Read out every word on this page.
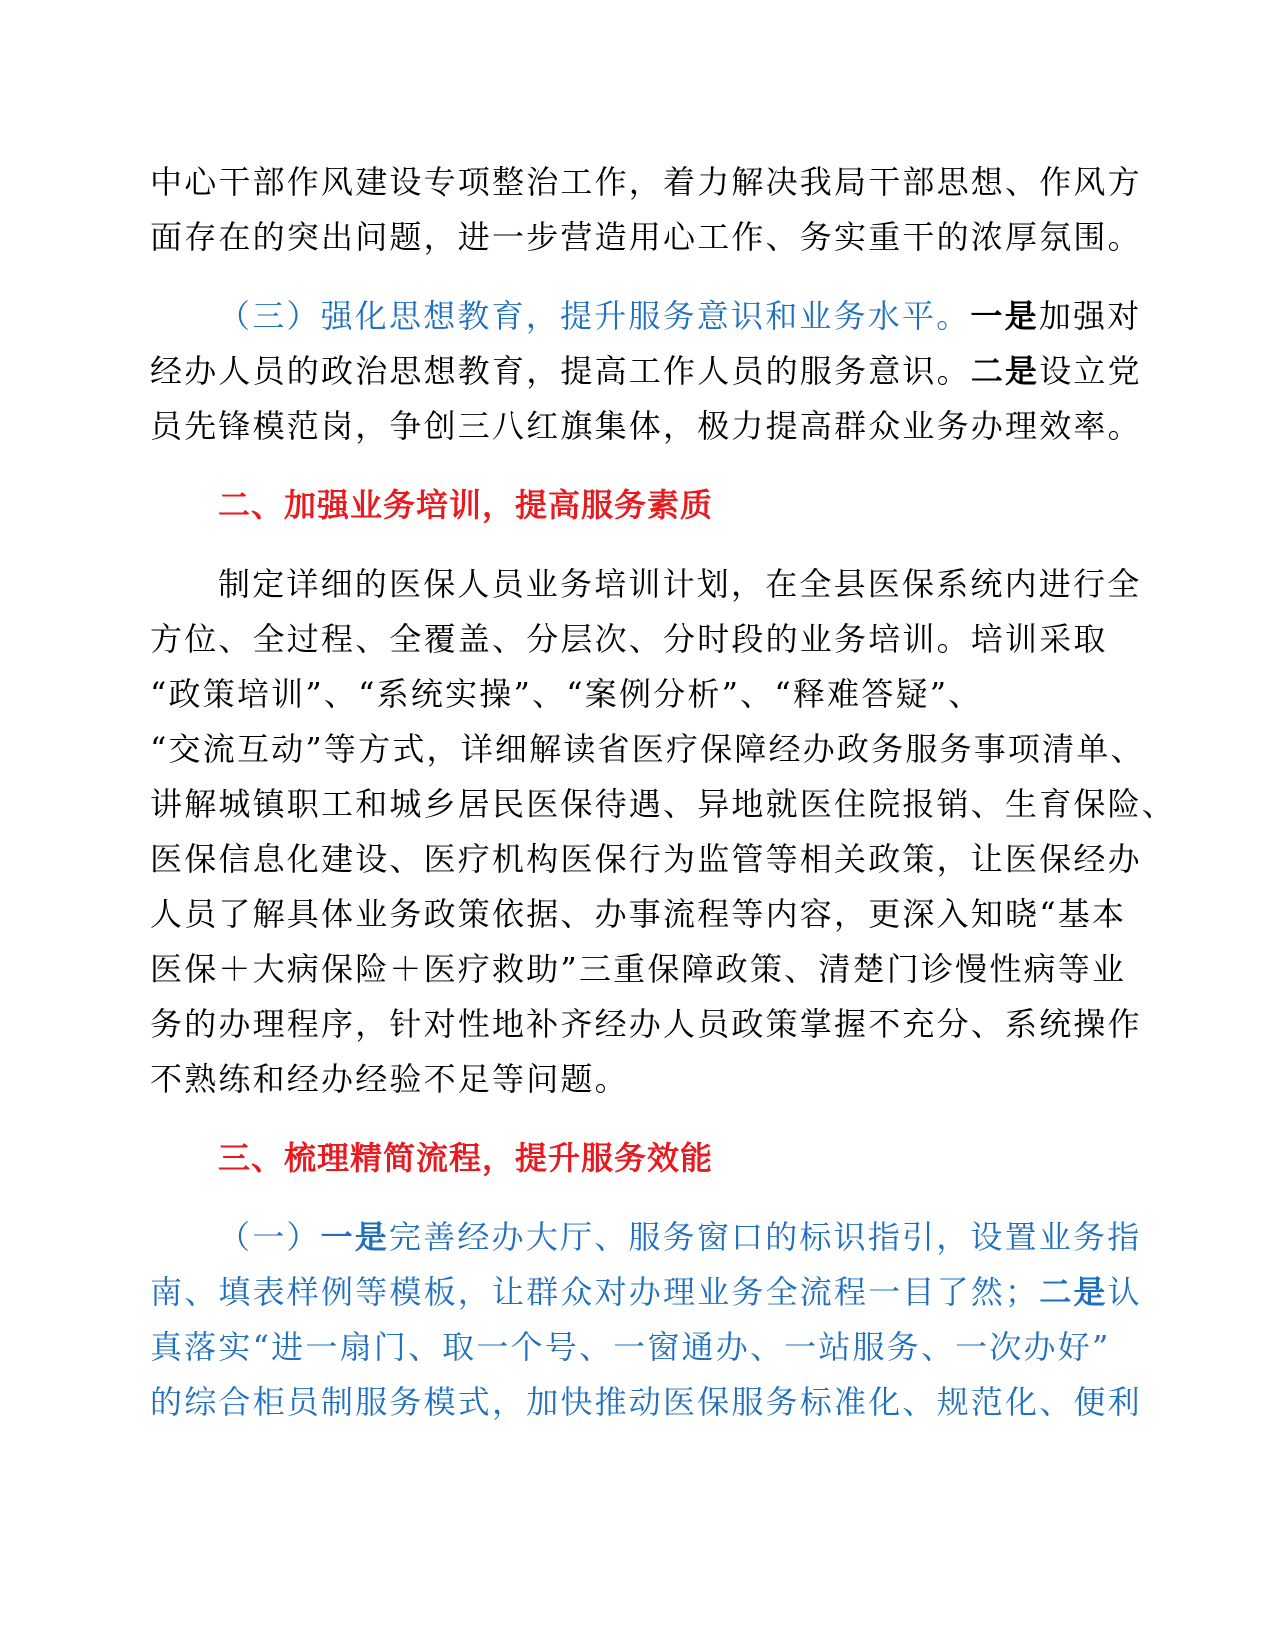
中心干部作风建设专项整治工作，着力解决我局干部思想、作风方
面存在的突出问题，进一步营造用心工作、务实重干的浓厚氛围。
（三）强化思想教育，提升服务意识和业务水平。一是加强对
经办人员的政治思想教育，提高工作人员的服务意识。二是设立党
员先锋模范岗，争创三八红旗集体，极力提高群众业务办理效率。
二、加强业务培训，提高服务素质
制定详细的医保人员业务培训计划，在全县医保系统内进行全
方位、全过程、全覆盖、分层次、分时段的业务培训。培训采取
“政策培训”、“系统实操”、“案例分析”、“释难答疑”、
“交流互动”等方式，详细解读省医疗保障经办政务服务事项清单、
讲解城镇职工和城乡居民医保待遇、异地就医住院报销、生育保险、
医保信息化建设、医疗机构医保行为监管等相关政策，让医保经办
人员了解具体业务政策依据、办事流程等内容，更深入知晓“基本
医保＋大病保险＋医疗救助”三重保障政策、清楚门诊慢性病等业
务的办理程序，针对性地补齐经办人员政策掌握不充分、系统操作
不熟练和经办经验不足等问题。
三、梳理精简流程，提升服务效能
（一）一是完善经办大厅、服务窗口的标识指引，设置业务指
南、填表样例等模板，让群众对办理业务全流程一目了然；二是认
真落实“进一扇门、取一个号、一窗通办、一站服务、一次办好”
的综合柜员制服务模式，加快推动医保服务标准化、规范化、便利
